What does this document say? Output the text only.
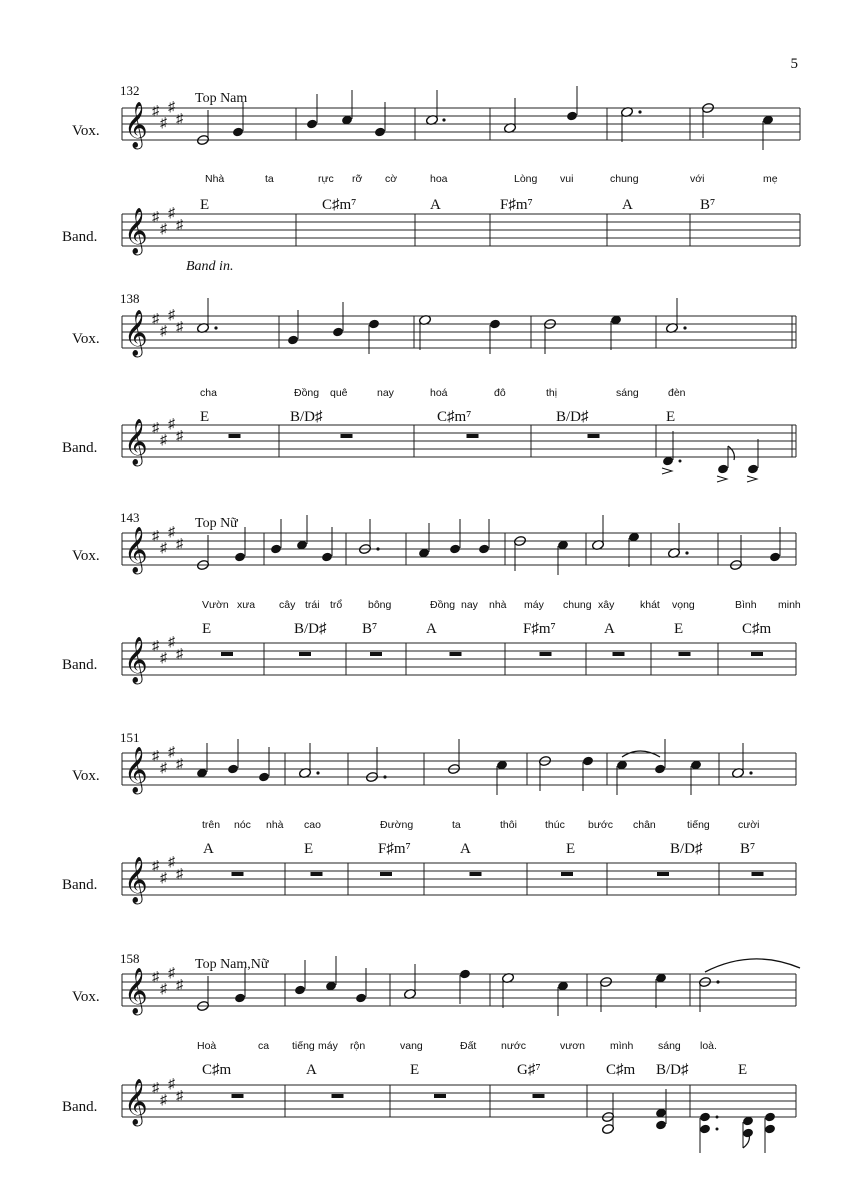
5
132
Top Nam
Vox.
Band.
𝄞 ♯
♯
♯
♯
𝄞 ♯
♯
♯
♯
Nhà	ta	rực rỡ cờ	hoa	Lòng vui	chung	với	mẹ
E	C♯m⁷	A	F♯m⁷	A	B⁷
Band in.
138
Vox.
Band.
𝄞 ♯
♯
♯
♯
𝄞 ♯
♯
♯
♯
cha	Đồng quê	nay	hoá	đô	thị	sáng	đèn
E	B/D♯	C♯m⁷	B/D♯	E
143	Top Nữ
Vox.
Band.
𝄞 ♯
♯
♯
♯
𝄞 ♯
♯
♯
♯
Vườn xưa cây trái trổ bông	Đồng nay nhà máy chung xây khát vọng	Bình minh
E	B/D♯ B⁷	A	F♯m⁷	A	E	C♯m
151
Vox.
Band.
𝄞 ♯
♯
♯
♯
𝄞 ♯
♯
♯
♯
trên nóc nhà cao	Đường	ta	thôi	thúc bước chân	tiếng	cười
A	E	F♯m⁷	A	E	B/D♯ B⁷
158	Top Nam,Nữ
Vox.
Band.
𝄞 ♯
♯
♯
♯
𝄞 ♯
♯
♯
♯
Hoà	ca tiếng máy rộn	vang	Đất nước	vươn mình sáng loà.
C♯m	A	E	G♯⁷	C♯m B/D♯	E
